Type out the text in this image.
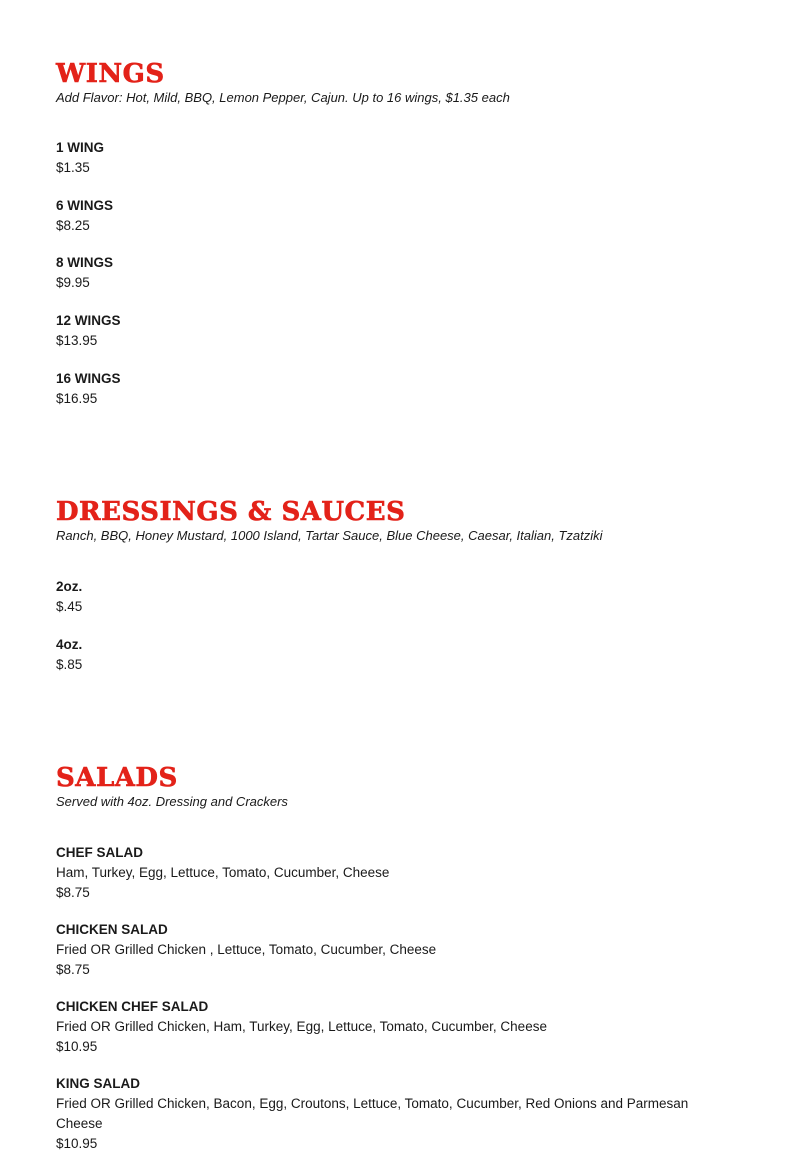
WINGS

Add Flavor: Hot, Mild, BBQ, Lemon Pepper, Cajun. Up to 16 wings, $1.35 each

1 WING
$1.35
6 WINGS
$8.25
8 WINGS
$9.95
12 WINGS
$13.95
16 WINGS
$16.95
DRESSINGS & SAUCES

Ranch, BBQ, Honey Mustard, 1000 Island, Tartar Sauce, Blue Cheese, Caesar, Italian, Tzatziki

2oz.
$.45
4oz.
$.85
SALADS

Served with 4oz. Dressing and Crackers

CHEF SALAD
Ham, Turkey, Egg, Lettuce, Tomato, Cucumber, Cheese
$8.75
CHICKEN SALAD
Fried OR Grilled Chicken , Lettuce, Tomato, Cucumber, Cheese
$8.75
CHICKEN CHEF SALAD
Fried OR Grilled Chicken, Ham, Turkey, Egg, Lettuce, Tomato, Cucumber, Cheese
$10.95
KING SALAD
Fried OR Grilled Chicken, Bacon, Egg, Croutons, Lettuce, Tomato, Cucumber, Red Onions and Parmesan Cheese
$10.95
